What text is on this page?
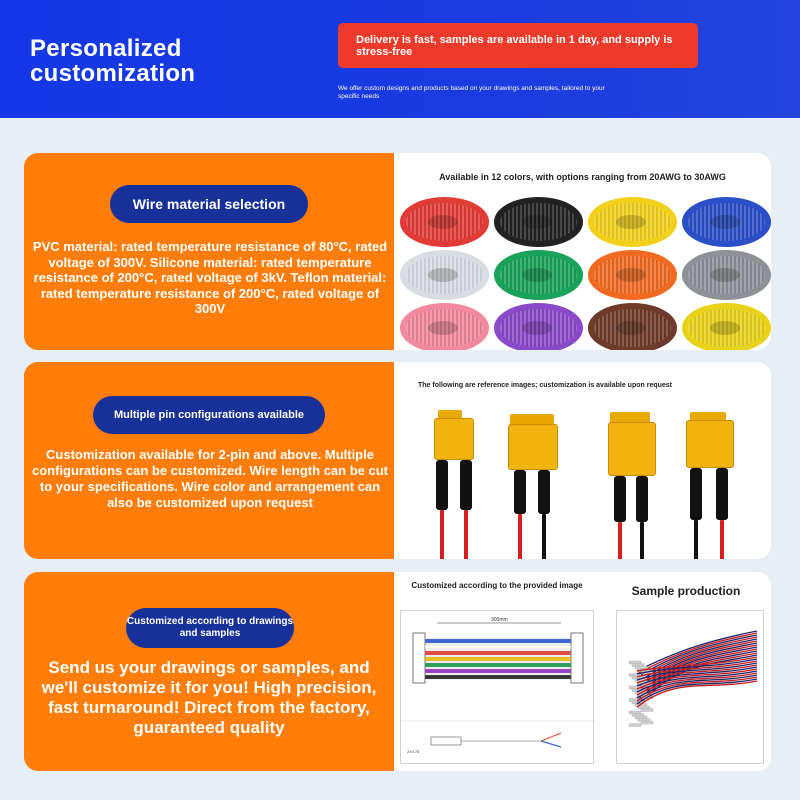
Personalized
customization
Delivery is fast, samples are available in 1 day, and supply is stress-free
We offer custom designs and products based on your drawings and samples, tailored to your specific needs
Wire material selection
PVC material: rated temperature resistance of 80°C, rated voltage of 300V. Silicone material: rated temperature resistance of 200°C, rated voltage of 3kV. Teflon material: rated temperature resistance of 200°C, rated voltage of 300V
Available in 12 colors, with options ranging from 20AWG to 30AWG
Multiple pin configurations available
Customization available for 2-pin and above. Multiple configurations can be customized. Wire length can be cut to your specifications. Wire color and arrangement can also be customized upon request
The following are reference images; customization is available upon request
Customized according to drawings and samples
Send us your drawings or samples, and we'll customize it for you! High precision, fast turnaround! Direct from the factory, guaranteed quality
Customized according to the provided image	Sample production
900mm
2×0.75
